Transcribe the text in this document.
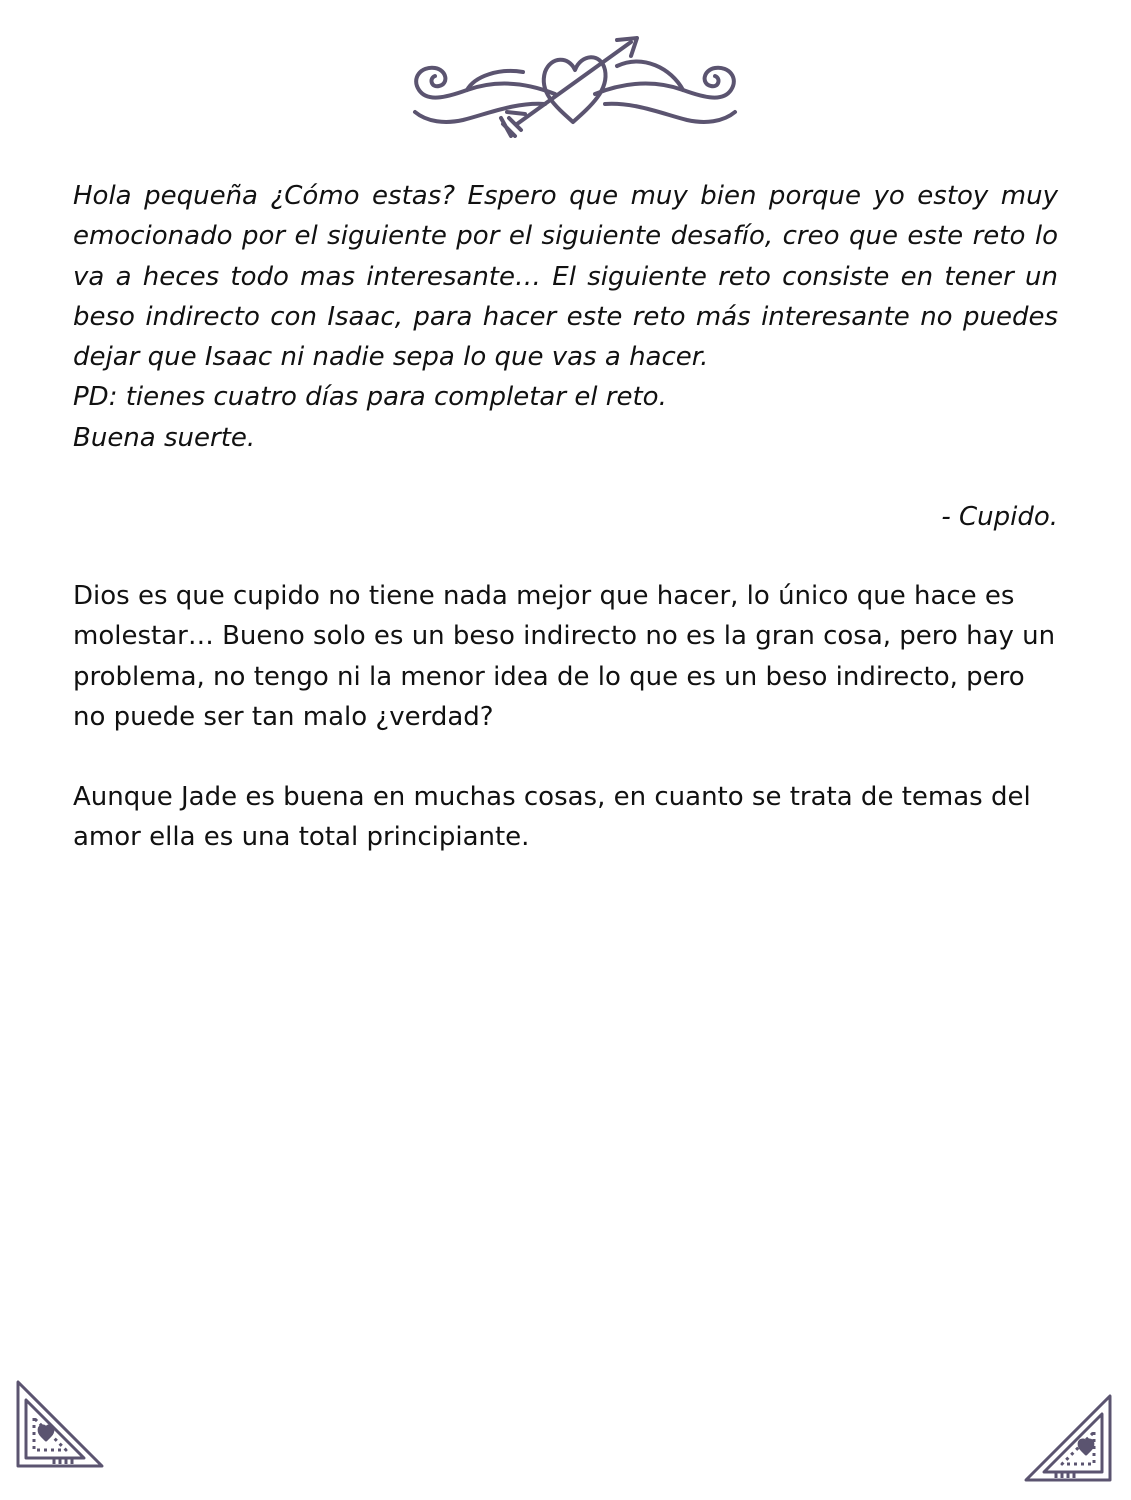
Hola pequeña ¿Cómo estas? Espero que muy bien porque yo estoy muy emocionado por el siguiente por el siguiente desafío, creo que este reto lo va a heces todo mas interesante… El siguiente reto consiste en tener un beso indirecto con Isaac, para hacer este reto más interesante no puedes dejar que Isaac ni nadie sepa lo que vas a hacer.

PD: tienes cuatro días para completar el reto.

Buena suerte.

- Cupido.

Dios es que cupido no tiene nada mejor que hacer, lo único que hace es molestar… Bueno solo es un beso indirecto no es la gran cosa, pero hay un problema, no tengo ni la menor idea de lo que es un beso indirecto, pero no puede ser tan malo ¿verdad?

Aunque Jade es buena en muchas cosas, en cuanto se trata de temas del amor ella es una total principiante.
